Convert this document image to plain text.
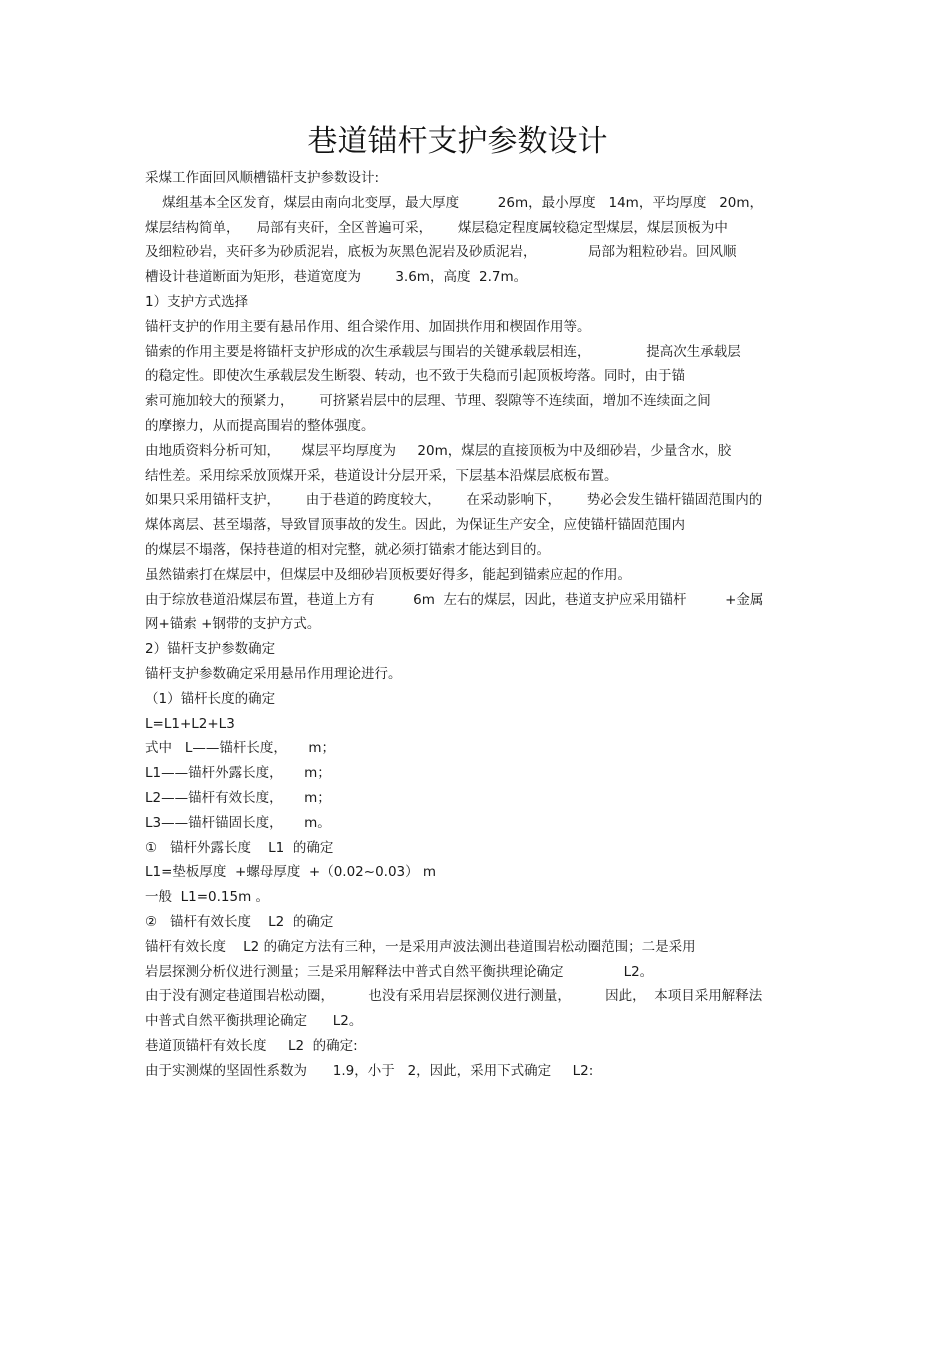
巷道锚杆支护参数设计
采煤工作面回风顺槽锚杆支护参数设计:
煤组基本全区发育，煤层由南向北变厚，最大厚度         26m，最小厚度   14m，平均厚度   20m，
煤层结构简单，    局部有夹矸，全区普遍可采，      煤层稳定程度属较稳定型煤层，煤层顶板为中
及细粒砂岩，夹矸多为砂质泥岩，底板为灰黑色泥岩及砂质泥岩，            局部为粗粒砂岩。回风顺
槽设计巷道断面为矩形，巷道宽度为        3.6m，高度  2.7m。
1）支护方式选择
锚杆支护的作用主要有悬吊作用、组合梁作用、加固拱作用和楔固作用等。
锚索的作用主要是将锚杆支护形成的次生承载层与围岩的关键承载层相连，             提高次生承载层
的稳定性。即使次生承载层发生断裂、转动，也不致于失稳而引起顶板垮落。同时，由于锚
索可施加较大的预紧力，      可挤紧岩层中的层理、节理、裂隙等不连续面，增加不连续面之间
的摩擦力，从而提高围岩的整体强度。
由地质资料分析可知，     煤层平均厚度为     20m，煤层的直接顶板为中及细砂岩，少量含水，胶
结性差。采用综采放顶煤开采，巷道设计分层开采，下层基本沿煤层底板布置。
如果只采用锚杆支护，      由于巷道的跨度较大，      在采动影响下，      势必会发生锚杆锚固范围内的
煤体离层、甚至塌落，导致冒顶事故的发生。因此，为保证生产安全，应使锚杆锚固范围内
的煤层不塌落，保持巷道的相对完整，就必须打锚索才能达到目的。
虽然锚索打在煤层中，但煤层中及细砂岩顶板要好得多，能起到锚索应起的作用。
由于综放巷道沿煤层布置，巷道上方有         6m  左右的煤层，因此，巷道支护应采用锚杆         +金属
网+锚索 +钢带的支护方式。
2）锚杆支护参数确定
锚杆支护参数确定采用悬吊作用理论进行。
（1）锚杆长度的确定
L=L1+L2+L3
式中   L——锚杆长度，     m；
L1——锚杆外露长度，     m；
L2——锚杆有效长度，     m；
L3——锚杆锚固长度，     m。
①   锚杆外露长度    L1  的确定
L1=垫板厚度  +螺母厚度  +（0.02~0.03） m
一般  L1=0.15m 。
②   锚杆有效长度    L2  的确定
锚杆有效长度    L2 的确定方法有三种，一是采用声波法测出巷道围岩松动圈范围；二是采用
岩层探测分析仪进行测量；三是采用解释法中普式自然平衡拱理论确定              L2。
由于没有测定巷道围岩松动圈，        也没有采用岩层探测仪进行测量，        因此，  本项目采用解释法
中普式自然平衡拱理论确定      L2。
巷道顶锚杆有效长度     L2  的确定:
由于实测煤的坚固性系数为      1.9，小于   2，因此，采用下式确定     L2:
